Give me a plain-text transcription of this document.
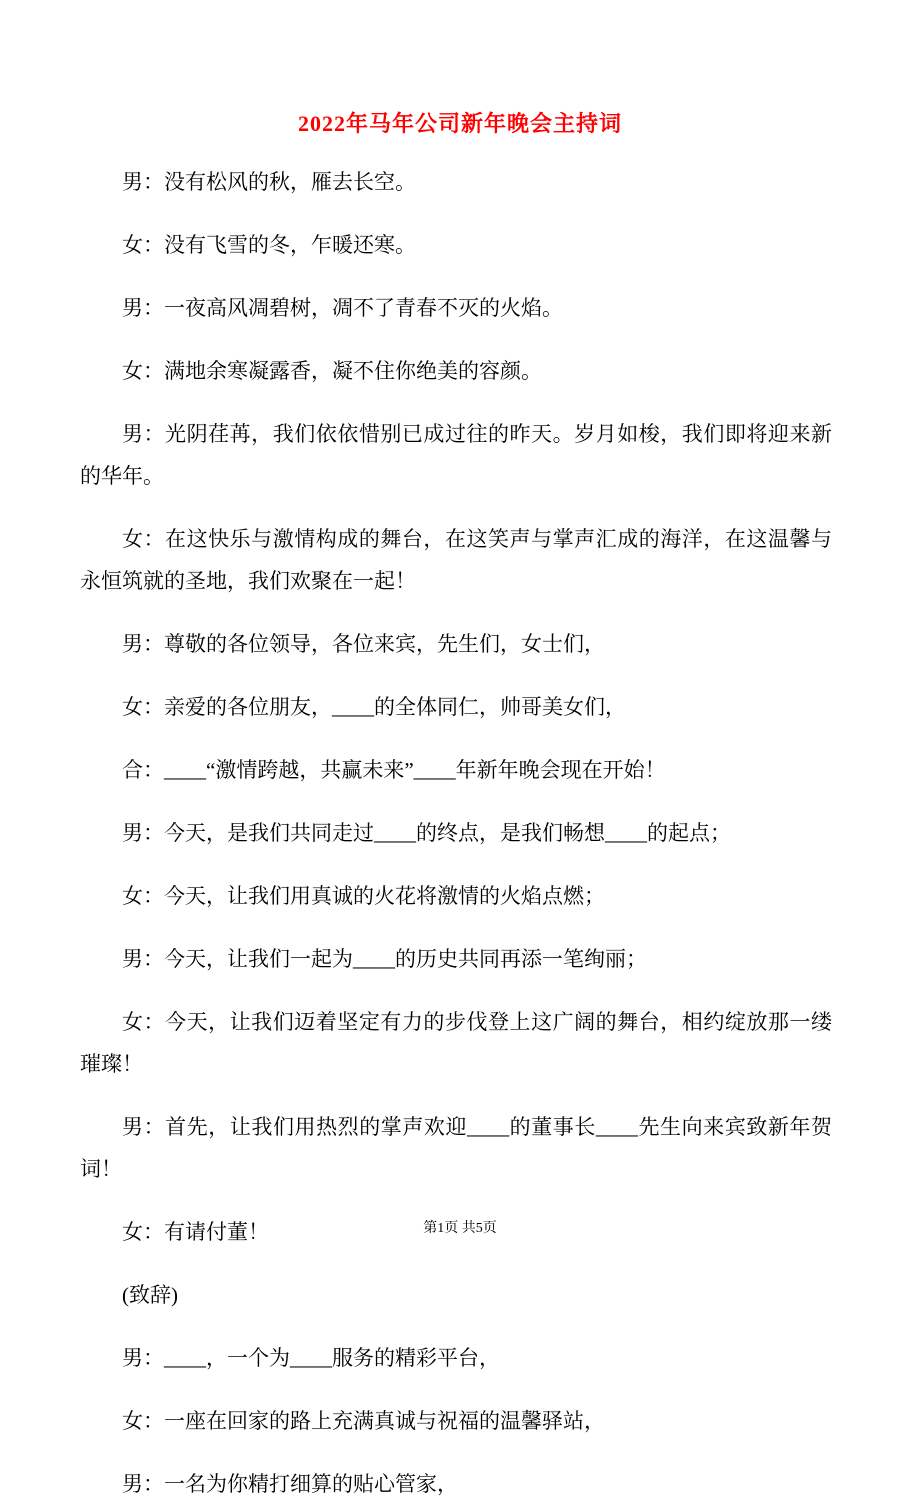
2022年马年公司新年晚会主持词

男：没有松风的秋，雁去长空。

女：没有飞雪的冬，乍暖还寒。

男：一夜高风凋碧树，凋不了青春不灭的火焰。

女：满地余寒凝露香，凝不住你绝美的容颜。

男：光阴荏苒，我们依依惜别已成过往的昨天。岁月如梭，我们即将迎来新的华年。

女：在这快乐与激情构成的舞台，在这笑声与掌声汇成的海洋，在这温馨与永恒筑就的圣地，我们欢聚在一起！

男：尊敬的各位领导，各位来宾，先生们，女士们，

女：亲爱的各位朋友，____的全体同仁，帅哥美女们，

合：____“激情跨越，共赢未来”____年新年晚会现在开始！

男：今天，是我们共同走过____的终点，是我们畅想____的起点；

女：今天，让我们用真诚的火花将激情的火焰点燃；

男：今天，让我们一起为____的历史共同再添一笔绚丽；

女：今天，让我们迈着坚定有力的步伐登上这广阔的舞台，相约绽放那一缕璀璨！

男：首先，让我们用热烈的掌声欢迎____的董事长____先生向来宾致新年贺词！

女：有请付董！

(致辞)

男：____，一个为____服务的精彩平台，

女：一座在回家的路上充满真诚与祝福的温馨驿站，

男：一名为你精打细算的贴心管家，

第1页 共5页
